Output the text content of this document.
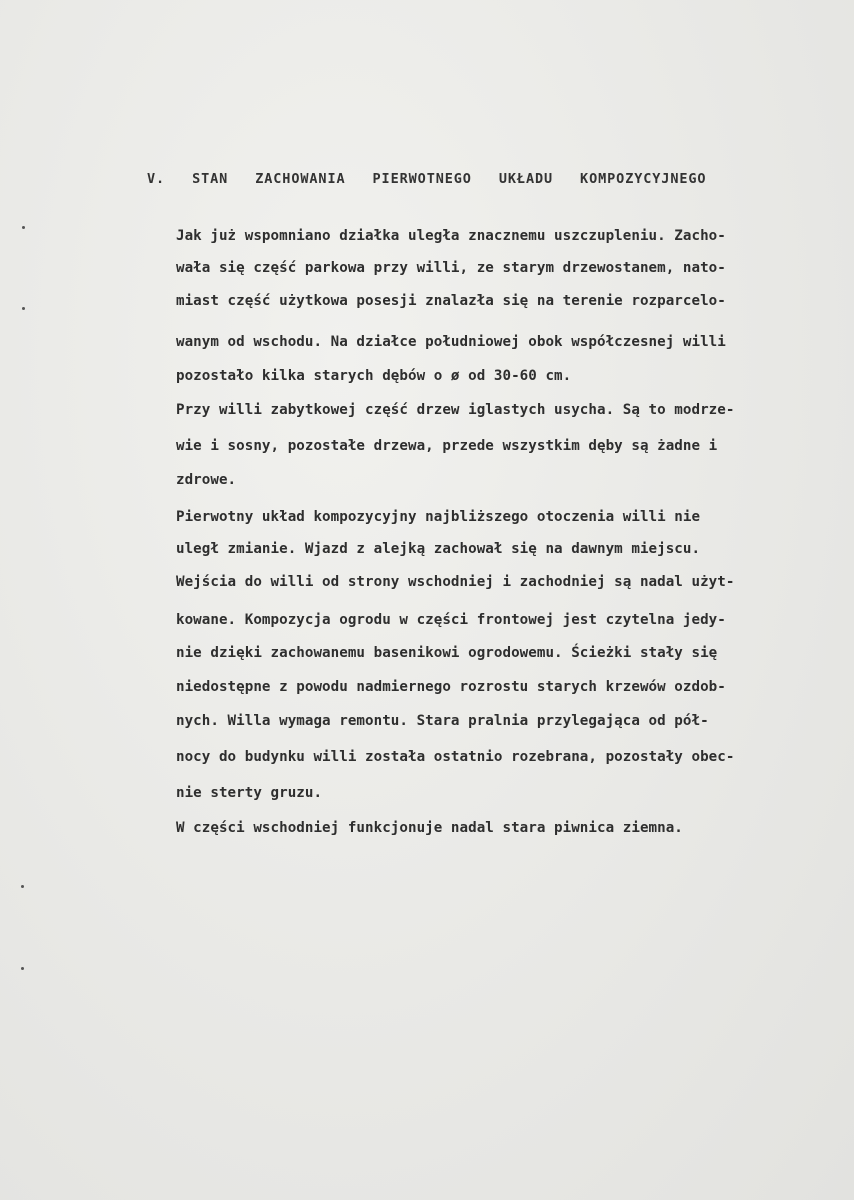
V. STAN ZACHOWANIA PIERWOTNEGO UKŁADU KOMPOZYCYJNEGO
Jak już wspomniano działka uległa znacznemu uszczupleniu. Zacho-
wała się część parkowa przy willi, ze starym drzewostanem, nato-
miast część użytkowa posesji znalazła się na terenie rozparcelo-
wanym od wschodu. Na działce południowej obok współczesnej willi
pozostało kilka starych dębów o ø od 30-60 cm.
Przy willi zabytkowej część drzew iglastych usycha. Są to modrze-
wie i sosny, pozostałe drzewa, przede wszystkim dęby są żadne i
zdrowe.
Pierwotny układ kompozycyjny najbliższego otoczenia willi nie
uległ zmianie. Wjazd z alejką zachował się na dawnym miejscu.
Wejścia do willi od strony wschodniej i zachodniej są nadal użyt-
kowane. Kompozycja ogrodu w części frontowej jest czytelna jedy-
nie dzięki zachowanemu basenikowi ogrodowemu. Ścieżki stały się
niedostępne z powodu nadmiernego rozrostu starych krzewów ozdob-
nych. Willa wymaga remontu. Stara pralnia przylegająca od pół-
nocy do budynku willi została ostatnio rozebrana, pozostały obec-
nie sterty gruzu.
W części wschodniej funkcjonuje nadal stara piwnica ziemna.
